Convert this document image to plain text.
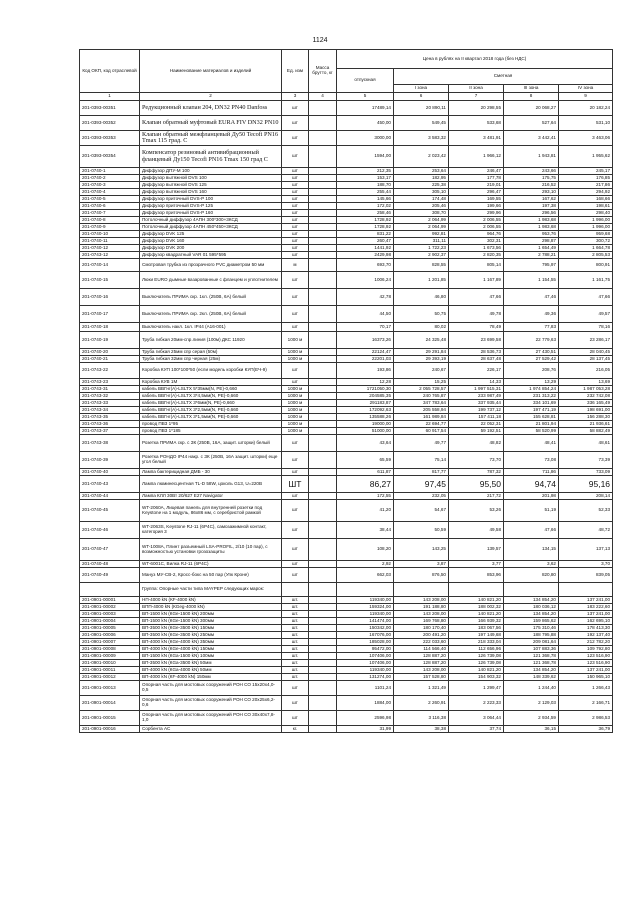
1124
Код ОКП, код отраслевой	Наименование материалов и изделий	Ед. изм	Масса брутто, кг	Цена в рублях на II квартал 2018 года (без НДС)				
				отпускная	Сметная			
					I зона	II зона	III зона	IV зона
1	2	3	4	5	6	7	8	9
201-0393-00351	Редукционный клапан 204, DN32 PN40 Danfoss	шт		17489,14	20 890,11	20 298,55	20 068,27	20 182,24
201-0393-00352	Клапан обратный муфтовый EURA FIV DN32 PN10	шт		450,00	549,45	533,68	527,64	531,10
201-0393-00353	Клапан обратный межфланцевый Ду50 Tecofi PN16 Tmax 115 град. С	шт		3000,00	3 583,32	3 481,91	3 442,41	3 463,06
201-0393-00354	Компенсатор резиновый антивибрационный фланцевый Ду150 Tecofi PN16 Tmax 150 град С	шт		1594,00	2 023,42	1 966,12	1 943,81	1 955,62
201-0740-1	Диффузор ДПУ-М 100	шт		212,35	253,64	246,47	243,66	245,17
201-0740-2	Диффузор вытяжной DVS 100	шт		153,17	182,95	177,78	175,75	176,85
201-0740-3	Диффузор вытяжной DVS 125	шт		188,70	225,38	219,01	216,52	217,86
201-0740-4	Диффузор вытяжной DVS 160	шт		255,44	305,10	296,47	293,10	294,92
201-0740-5	Диффузор приточный DVS-P 100	шт		145,66	174,48	169,55	167,62	168,66
201-0740-6	Диффузор приточный DVS-P 125	шт		172,02	205,46	199,66	197,38	198,61
201-0740-7	Диффузор приточный DVS-P 160	шт		258,46	308,70	299,96	296,56	298,40
201-0740-8	Потолочный диффузор 4АПН 300*300+3КСД	шт		1728,92	2 064,99	2 006,55	1 983,68	1 996,00
201-0740-9	Потолочный диффузор 4АПН 450*450+3КСД	шт		1728,92	2 064,99	2 006,55	1 983,68	1 996,00
201-0740-10	Диффузор DVK 125	шт		831,22	992,81	964,76	953,76	959,68
201-0740-11	Диффузор DVK 160	шт		260,47	311,11	302,31	298,87	300,72
201-0740-12	Диффузор DVK 200	шт		1441,92	1 722,23	1 673,56	1 654,49	1 664,78
201-0743-12	Диффузор квадратный VAR 01 595*595	шт		2429,98	2 902,37	2 820,35	2 788,21	2 805,53
201-0740-14	Смотровая трубка из прозрачного PVC диаметром 50 мм	м		693,70	828,55	805,14	795,97	800,91
201-0740-15	Люки EURO дымные вазарованные с фланцем и уплотнителем	шт		1006,24	1 201,85	1 167,89	1 154,55	1 161,75
201-0740-16	Выключатель ПРИМА скр. 1кл. (250В, 6А) белый	шт		42,78	46,80	47,66	47,46	47,66
201-0740-17	Выключатель ПРИМА скр. 2кл. (250В, 6А) белый	шт		44,50	50,75	49,78	49,36	49,57
201-0740-18	Выключатель накл. 1кл. IP44 (А16-001)	шт		70,17	80,02	78,49	77,83	78,16
201-0740-19	Труба гибкая 20мм-спр.линия (100м) ДКС 11920	1000 м		16373,26	24 325,48	23 699,58	22 779,63	23 286,17
201-0740-20	Труба гибкая 25мм спр серая (50м)	1000 м		22124,47	29 291,84	28 536,73	27 430,51	28 040,45
201-0740-21	Труба гибкая 32мм спр черная (25м)	1000 м		22201,03	29 393,19	28 637,48	27 529,42	28 137,45
201-0743-22	Коробка КУП 100*100*50 (если модель коробки КУП(ЕЧ-9)	шт		193,86	240,67	226,17	208,76	216,05
201-0743-23	Коробка КУВ 1М	шт		12,28	15,25	14,33	13,29	13,69
201-0743-31	кабель ВВГнг(А)-LSLTX 5*35мм(N, PE)-0,660	1000 м		1721050,30	2 055 728,57	1 997 515,31	1 974 854,24	1 987 053,28
201-0743-32	кабель ВВГнг(А)-LSLTX 3*4,5мм(N, PE)-0,660	1000 м		204585,35	240 765,87	233 987,49	231 313,22	232 742,08
201-0743-33	кабель ВВГнг(А)-LSLTX 3*6мм(N, PE)-0,660	1000 м		291183,87	347 783,64	337 935,44	334 101,69	336 165,49
201-0743-34	кабель ВВГнг(А)-LSLTX 3*2,5мм(N, PE)-0,660	1000 м		172092,63	205 558,94	199 737,12	197 471,19	198 691,00
201-0743-35	кабель ВВГнг(А)-LSLTX 3*1,5мм(N, PE)-0,660	1000 м		135588,26	161 989,84	157 411,18	155 628,81	156 288,30
201-0743-36	провод ПВ3 1*95	1000 м		19000,00	22 694,77	22 052,31	21 801,94	21 936,61
201-0743-37	провод ПВ3 1*185	1000 м		51000,00	60 917,54	59 192,51	58 520,99	58 882,49
201-0743-38	Розетка ПРИМА скр. с ЗК (250В, 16А, защит. шторки) белый	шт		43,64	49,77	48,82	48,41	48,61
201-0740-39	Розетка РОНДО IP44 накр. с ЗК (250В, 16А защит. шторки) еще угол белый	шт		65,59	75,14	73,70	73,08	73,39
201-0740-40	Лампа бактерицидная ДМБ - 30	шт		611,87	817,77	787,32	711,86	733,09
201-0740-43	Лампа люминесцентная TL-D 58W, цоколь G13, U=220В	ШТ		86,27	97,45	95,50	94,74	95,16
201-0740-44	Лампа КЛЛ 30Вт 20/627 E27 Navigator	шт		172,55	232,05	217,72	201,98	208,14
201-0740-45	WT-2060A, Лицевая панель для внутренней розетки под Keystone на 1 модуль, 86х86 мм, с серебристой рамкой	шт		41,20	54,67	53,26	51,19	52,33
201-0740-46	WT-2063S, Keystone RJ-11 (6P4C), самозажимной контакт, категория 3	шт		38,44	50,59	49,58	47,66	48,72
201-0740-47	WT-1008A, Плинт разъемный LSA-PROFIL, 2/10 (10 пар), с возможностью установки грозозащиты	шт		108,20	143,25	139,57	134,15	137,13
201-0740-48	WT-6001C, Вилка RJ-11 (6P4C)	шт		2,92	3,87	3,77	3,62	3,70
201-0740-49	Мануз МУ-СВ-2, Кросс-бокс на 50 пар (Упк Кроне)	шт		662,03	876,50	853,96	820,80	839,05
	Группа: Опорные части типа MAYPEP следующих марок:							
201-0901-00001	НП-4000 kN (КF-4000 kN)	шт.		119340,00	143 208,00	140 821,20	134 854,20	137 241,00
201-0901-00002	ВПП-4000 kN (КGeg-4000 kN)	шт.		159324,00	191 188,80	188 002,32	180 036,12	183 222,60
201-0901-00003	ВП-1500 kN (КGe-1500 kN) 200мм	шт.		119340,00	143 208,00	140 821,20	134 854,20	137 241,00
201-0901-00004	ВП-1500 kN (КGe-1500 kN) 300мм	шт.		141474,00	169 768,80	166 939,32	159 865,62	162 695,10
201-0901-00005	ВП-3500 kN (КGe-3500 kN) 150мм	шт.		150342,00	180 170,40	183 067,56	175 310,46	178 413,30
201-0901-00006	ВП-3500 kN (КGe-3500 kN) 250мм	шт.		167076,00	200 491,20	197 149,68	188 795,88	192 137,40
201-0901-00007	ВП-4000 kN (КGe-4000 kN) 350мм	шт.		185028,00	222 033,60	218 333,04	209 081,64	212 782,20
201-0901-00008	ВП-4000 kN (КGe-4000 kN) 150мм	шт.		95472,00	114 566,40	112 656,96	107 883,36	109 792,80
201-0901-00009	ВП-1500 kN (КGa-1500 kN) 100мм	шт.		107406,00	128 887,20	126 739,08	121 368,78	123 516,90
201-0901-00010	ВП-3500 kN (КGa-3500 kN) 50мм	шт.		107406,00	128 887,20	126 739,08	121 368,78	123 516,90
201-0901-00011	ВП-4000 kN (КGa-4000 kN) 50мм	шт.		119340,00	143 208,00	140 821,20	134 854,20	137 241,00
201-0901-00012	ВП-4000 kN (КF-4000 kN) 150мм	шт.		131274,00	157 528,80	154 903,32	148 339,62	150 965,10
201-0901-00013	Опорная часть для мостовых сооружений РОН СО 15х20х4,0-0,5	шт		1101,24	1 321,49	1 299,47	1 244,40	1 266,43
201-0901-00014	Опорная часть для мостовых сооружений РОН СО 20х25х6,2-0,6	шт		1884,00	2 260,91	2 223,33	2 129,03	2 166,71
201-0901-00015	Опорная часть для мостовых сооружений РОН СО 30х40х7,8-1,0	шт		2596,98	3 116,38	3 064,44	2 934,59	2 986,53
201-0901-00016	Сорбента АС	кг.		31,99	38,38	37,74	36,15	36,79
